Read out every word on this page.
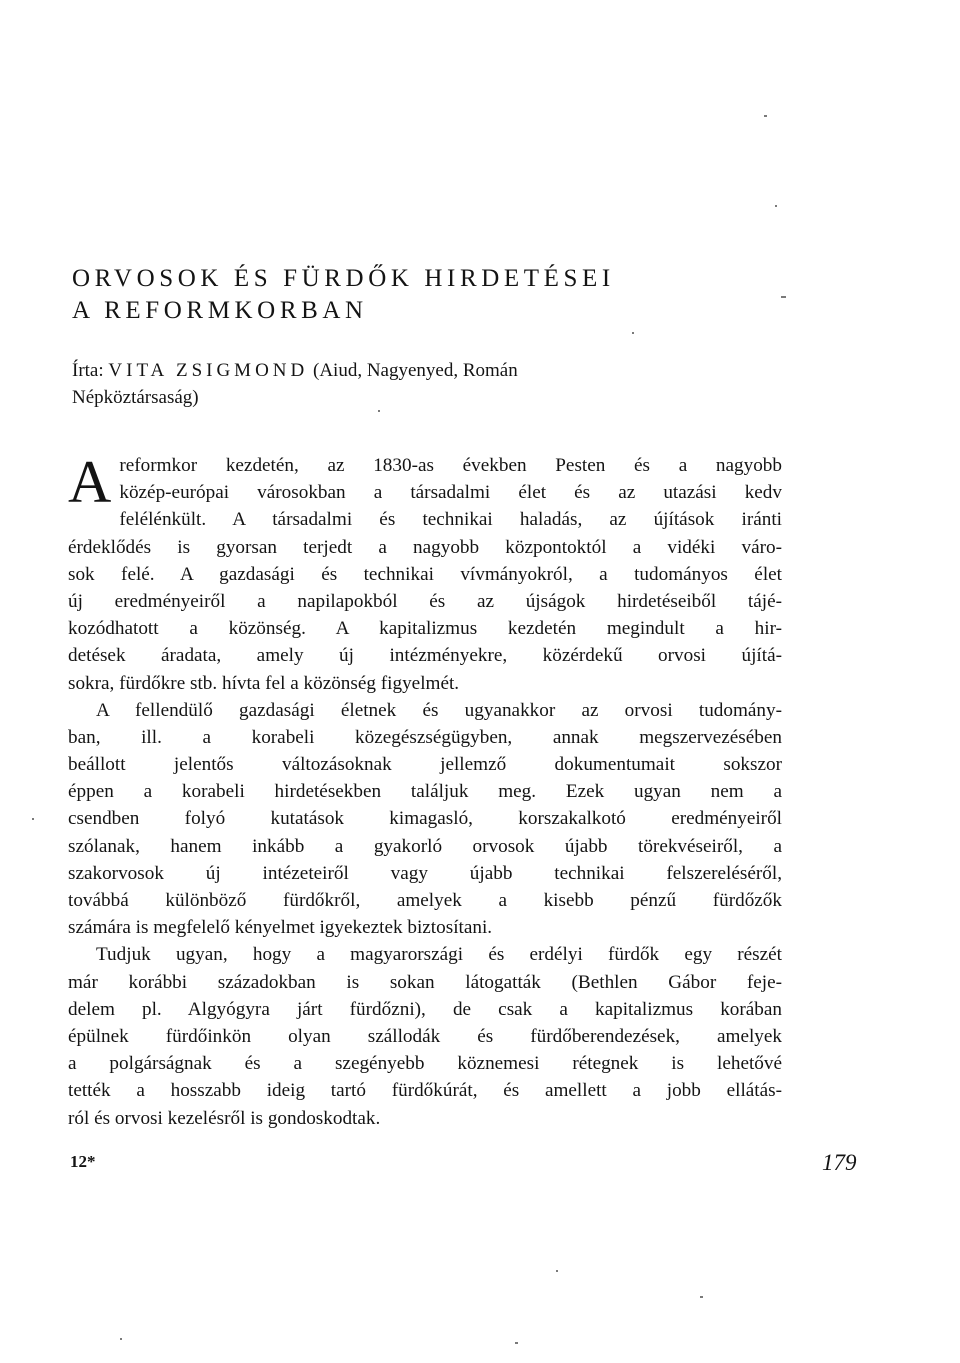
ORVOSOK ÉS FÜRDŐK HIRDETÉSEI
A REFORMKORBAN
Írta: VITA ZSIGMOND (Aiud, Nagyenyed, Román
Népköztársaság)
A reformkor kezdetén, az 1830-as években Pesten és a nagyobb
közép-európai városokban a társadalmi élet és az utazási kedv
felélénkült. A társadalmi és technikai haladás, az újítások iránti
érdeklődés is gyorsan terjedt a nagyobb központoktól a vidéki váro-
sok felé. A gazdasági és technikai vívmányokról, a tudományos élet
új eredményeiről a napilapokból és az újságok hirdetéseiből tájé-
kozódhatott a közönség. A kapitalizmus kezdetén megindult a hir-
detések áradata, amely új intézményekre, közérdekű orvosi újítá-
sokra, fürdőkre stb. hívta fel a közönség figyelmét.
A fellendülő gazdasági életnek és ugyanakkor az orvosi tudomány-
ban, ill. a korabeli közegészségügyben, annak megszervezésében
beállott jelentős változásoknak jellemző dokumentumait sokszor
éppen a korabeli hirdetésekben találjuk meg. Ezek ugyan nem a
csendben folyó kutatások kimagasló, korszakalkotó eredményeiről
szólanak, hanem inkább a gyakorló orvosok újabb törekvéseiről, a
szakorvosok új intézeteiről vagy újabb technikai felszereléséről,
továbbá különböző fürdőkről, amelyek a kisebb pénzű fürdőzők
számára is megfelelő kényelmet igyekeztek biztosítani.
Tudjuk ugyan, hogy a magyarországi és erdélyi fürdők egy részét
már korábbi századokban is sokan látogatták (Bethlen Gábor feje-
delem pl. Algyógyra járt fürdőzni), de csak a kapitalizmus korában
épülnek fürdőinkön olyan szállodák és fürdőberendezések, amelyek
a polgárságnak és a szegényebb köznemesi rétegnek is lehetővé
tették a hosszabb ideig tartó fürdőkúrát, és amellett a jobb ellátás-
ról és orvosi kezelésről is gondoskodtak.
12*	179
